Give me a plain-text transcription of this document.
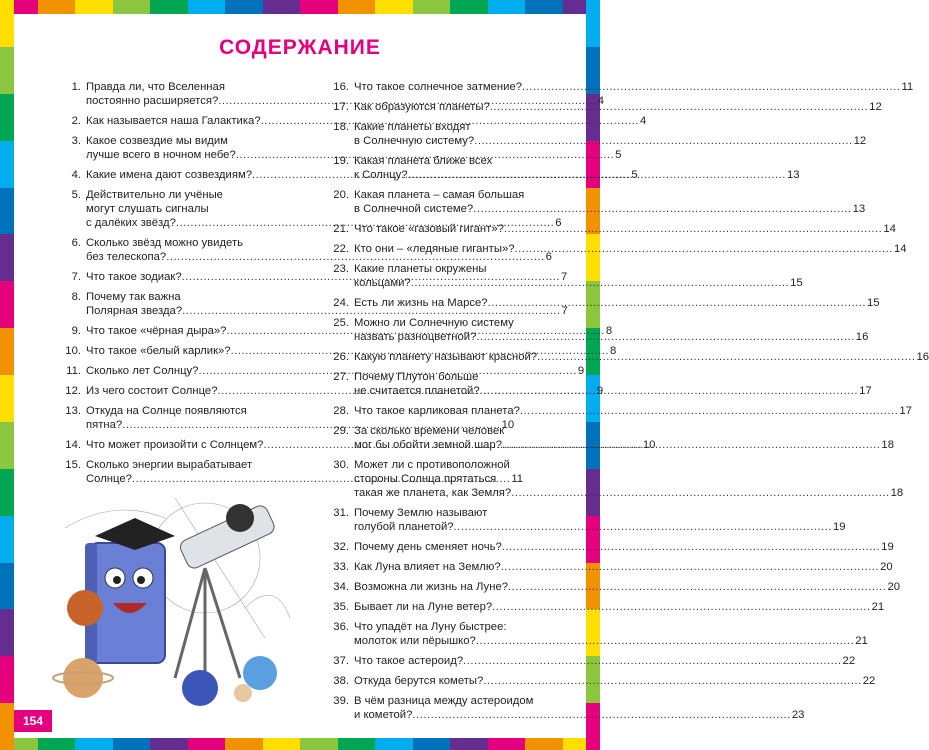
СОДЕРЖАНИЕ
1. Правда ли, что Вселенная
постоянно расширяется? .....	4
2. Как называется наша Галактика? .....	4
3. Какое созвездие мы видим
лучше всего в ночном небе? .....	5
4. Какие имена дают созвездиям? .....	5
5. Действительно ли учёные
могут слушать сигналы
с далёких звёзд? .....	6
6. Сколько звёзд можно увидеть
без телескопа? .....	6
7. Что такое зодиак? .....	7
8. Почему так важна
Полярная звезда? .....	7
9. Что такое «чёрная дыра»? .....	8
10. Что такое «белый карлик»? .....	8
11. Сколько лет Солнцу? .....	9
12. Из чего состоит Солнце? .....	9
13. Откуда на Солнце появляются
пятна? .....	10
14. Что может произойти с Солнцем? .....	10
15. Сколько энергии вырабатывает
Солнце? .....	11
16. Что такое солнечное затмение? .....	11
17. Как образуются планеты? .....	12
18. Какие планеты входят
в Солнечную систему? .....	12
19. Какая планета ближе всех
к Солнцу? .....	13
20. Какая планета – самая большая
в Солнечной системе? .....	13
21. Что такое «газовый гигант»? .....	14
22. Кто они – «ледяные гиганты»? .....	14
23. Какие планеты окружены
кольцами? .....	15
24. Есть ли жизнь на Марсе? .....	15
25. Можно ли Солнечную систему
назвать разноцветной? .....	16
26. Какую планету называют красной? .....	16
27. Почему Плутон больше
не считается планетой? .....	17
28. Что такое карликовая планета? .....	17
29. За сколько времени человек
мог бы обойти земной шар? .....	18
30. Может ли с противоположной
стороны Солнца прятаться
такая же планета, как Земля? .....	18
31. Почему Землю называют
голубой планетой? .....	19
32. Почему день сменяет ночь? .....	19
33. Как Луна влияет на Землю? .....	20
34. Возможна ли жизнь на Луне? .....	20
35. Бывает ли на Луне ветер? .....	21
36. Что упадёт на Луну быстрее:
молоток или пёрышко? .....	21
37. Что такое астероид? .....	22
38. Откуда берутся кометы? .....	22
39. В чём разница между астероидом
и кометой? .....	23
154
